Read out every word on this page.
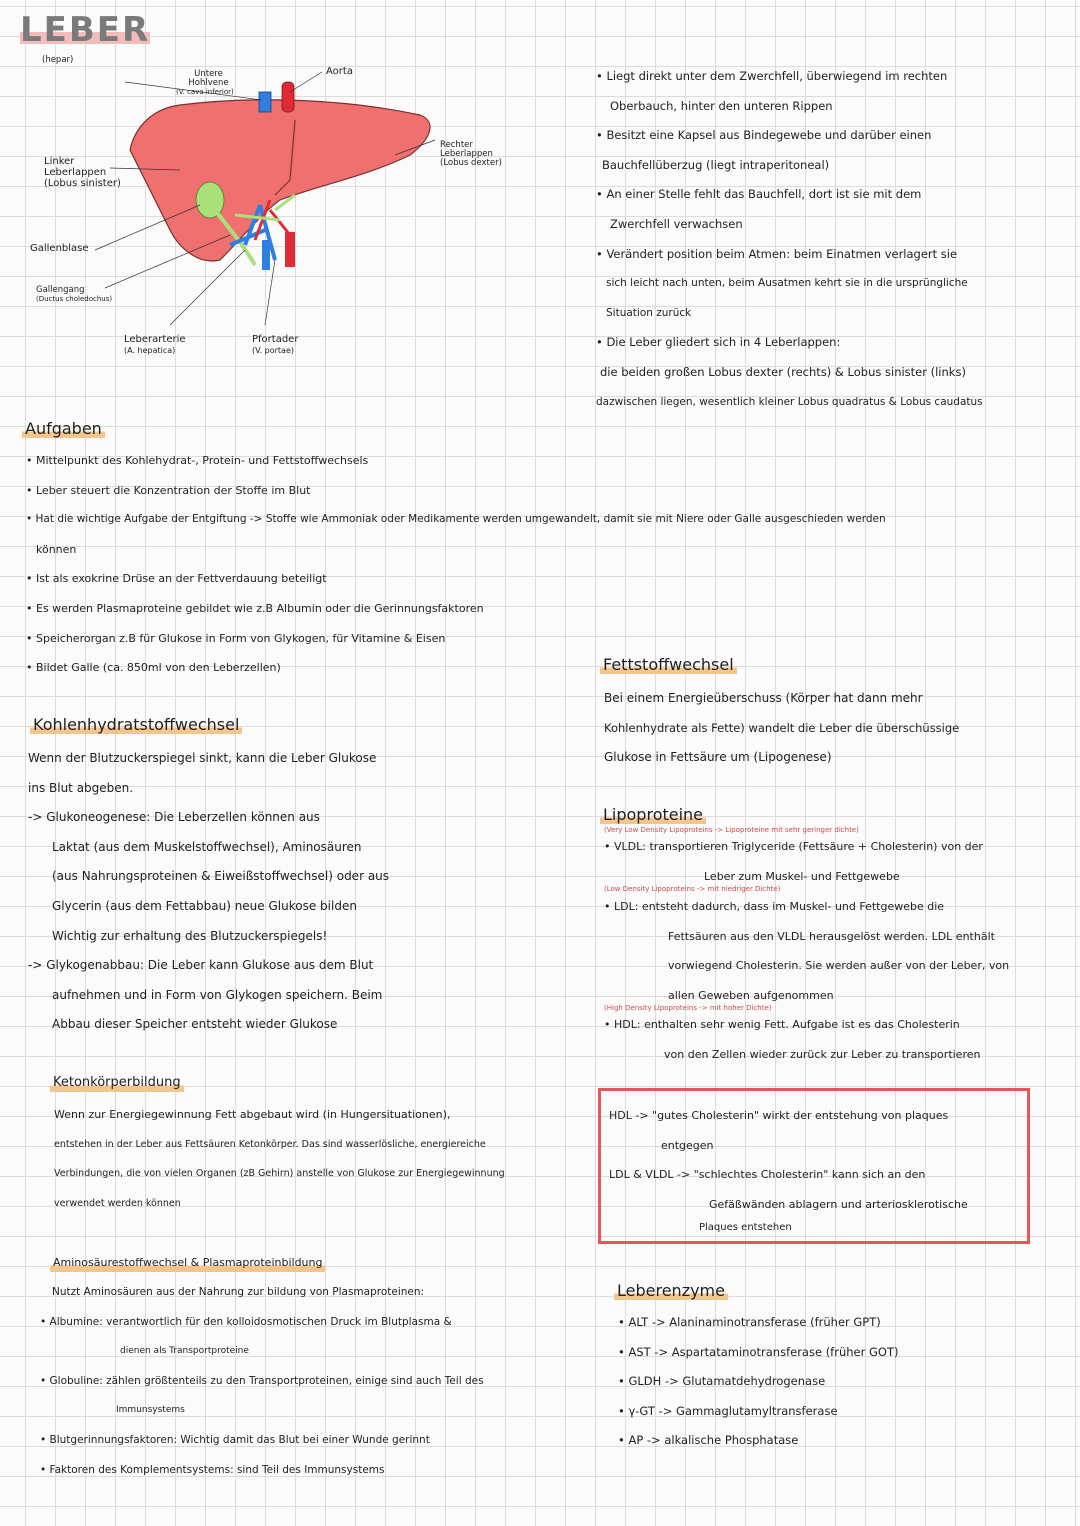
LEBER
(hepar)
Untere Hohlvene
(V. cava inferior)
Aorta
Rechter Leberlappen
(Lobus dexter)
Linker Leberlappen
(Lobus sinister)
Gallenblase
Gallengang
(Ductus choledochus)
Leberarterie
(A. hepatica)
Pfortader
(V. portae)
• Liegt direkt unter dem Zwerchfell, überwiegend im rechten
Oberbauch, hinter den unteren Rippen
• Besitzt eine Kapsel aus Bindegewebe und darüber einen
Bauchfellüberzug (liegt intraperitoneal)
• An einer Stelle fehlt das Bauchfell, dort ist sie mit dem
Zwerchfell verwachsen
• Verändert position beim Atmen: beim Einatmen verlagert sie
sich leicht nach unten, beim Ausatmen kehrt sie in die ursprüngliche
Situation zurück
• Die Leber gliedert sich in 4 Leberlappen:
die beiden großen Lobus dexter (rechts) & Lobus sinister (links)
dazwischen liegen, wesentlich kleiner Lobus quadratus & Lobus caudatus
Aufgaben
• Mittelpunkt des Kohlehydrat-, Protein- und Fettstoffwechsels
• Leber steuert die Konzentration der Stoffe im Blut
• Hat die wichtige Aufgabe der Entgiftung -> Stoffe wie Ammoniak oder Medikamente werden umgewandelt, damit sie mit Niere oder Galle ausgeschieden werden
können
• Ist als exokrine Drüse an der Fettverdauung beteiligt
• Es werden Plasmaproteine gebildet wie z.B Albumin oder die Gerinnungsfaktoren
• Speicherorgan z.B für Glukose in Form von Glykogen, für Vitamine & Eisen
• Bildet Galle (ca. 850ml von den Leberzellen)
Kohlenhydratstoffwechsel
Wenn der Blutzuckerspiegel sinkt, kann die Leber Glukose
ins Blut abgeben.
-> Glukoneogenese: Die Leberzellen können aus
Laktat (aus dem Muskelstoffwechsel), Aminosäuren
(aus Nahrungsproteinen & Eiweißstoffwechsel) oder aus
Glycerin (aus dem Fettabbau) neue Glukose bilden
Wichtig zur erhaltung des Blutzuckerspiegels!
-> Glykogenabbau: Die Leber kann Glukose aus dem Blut
aufnehmen und in Form von Glykogen speichern. Beim
Abbau dieser Speicher entsteht wieder Glukose
Ketonkörperbildung
Wenn zur Energiegewinnung Fett abgebaut wird (in Hungersituationen),
entstehen in der Leber aus Fettsäuren Ketonkörper. Das sind wasserlösliche, energiereiche
Verbindungen, die von vielen Organen (zB Gehirn) anstelle von Glukose zur Energiegewinnung
verwendet werden können
Aminosäurestoffwechsel & Plasmaproteinbildung
Nutzt Aminosäuren aus der Nahrung zur bildung von Plasmaproteinen:
• Albumine: verantwortlich für den kolloidosmotischen Druck im Blutplasma &
dienen als Transportproteine
• Globuline: zählen größtenteils zu den Transportproteinen, einige sind auch Teil des
Immunsystems
• Blutgerinnungsfaktoren: Wichtig damit das Blut bei einer Wunde gerinnt
• Faktoren des Komplementsystems: sind Teil des Immunsystems
Fettstoffwechsel
Bei einem Energieüberschuss (Körper hat dann mehr
Kohlenhydrate als Fette) wandelt die Leber die überschüssige
Glukose in Fettsäure um (Lipogenese)
Lipoproteine
(Very Low Density Lipoproteins -> Lipoproteine mit sehr geringer dichte)
• VLDL: transportieren Triglyceride (Fettsäure + Cholesterin) von der
Leber zum Muskel- und Fettgewebe
(Low Density Lipoproteins -> mit niedriger Dichte)
• LDL: entsteht dadurch, dass im Muskel- und Fettgewebe die
Fettsäuren aus den VLDL herausgelöst werden. LDL enthält
vorwiegend Cholesterin. Sie werden außer von der Leber, von
allen Geweben aufgenommen
(High Density Lipoproteins -> mit hoher Dichte)
• HDL: enthalten sehr wenig Fett. Aufgabe ist es das Cholesterin
von den Zellen wieder zurück zur Leber zu transportieren
HDL -> "gutes Cholesterin" wirkt der entstehung von plaques
entgegen
LDL & VLDL -> "schlechtes Cholesterin" kann sich an den
Gefäßwänden ablagern und arteriosklerotische
Plaques entstehen
Leberenzyme
• ALT -> Alaninaminotransferase (früher GPT)
• AST -> Aspartataminotransferase (früher GOT)
• GLDH -> Glutamatdehydrogenase
• γ-GT -> Gammaglutamyltransferase
• AP -> alkalische Phosphatase
